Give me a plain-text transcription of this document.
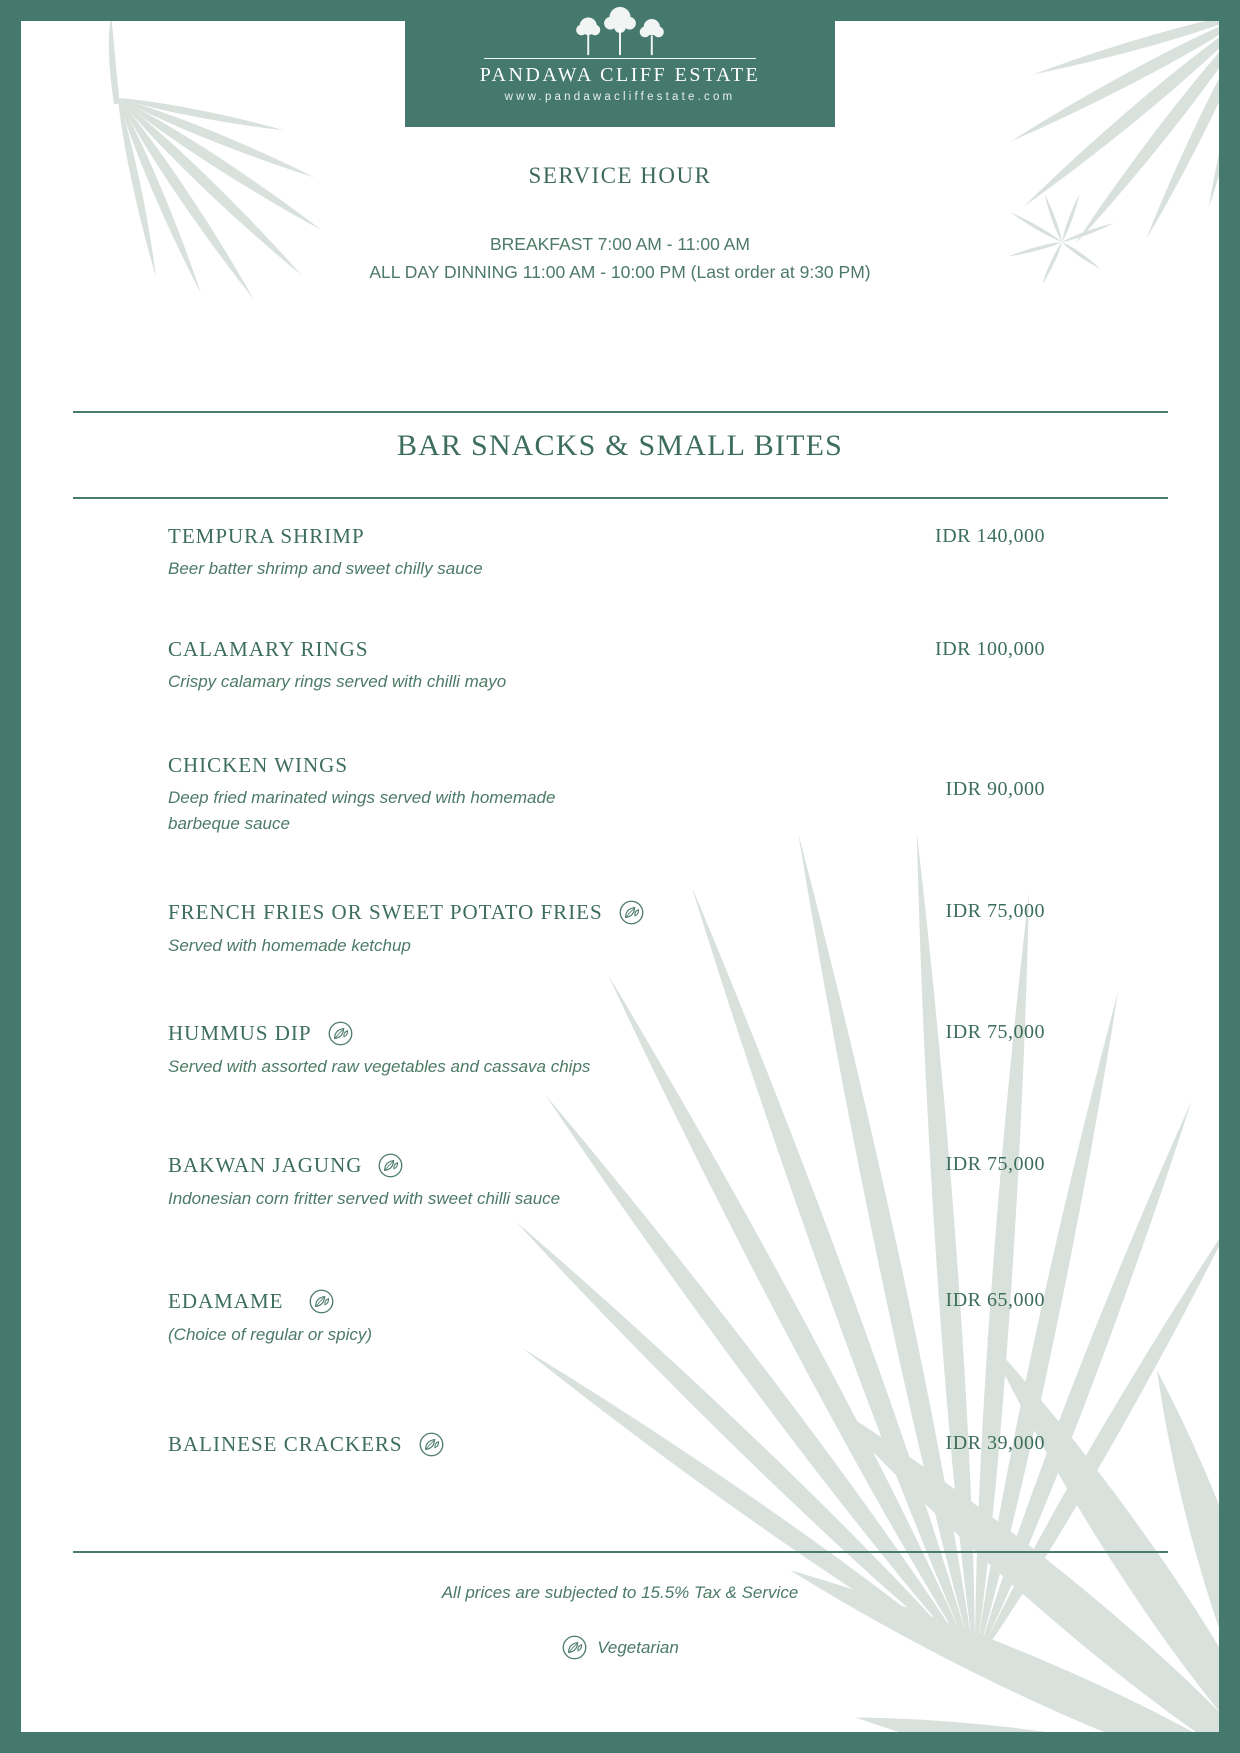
PANDAWA CLIFF ESTATE
www.pandawacliffestate.com
SERVICE HOUR
BREAKFAST 7:00 AM - 11:00 AM
ALL DAY DINNING 11:00 AM - 10:00 PM (Last order at 9:30 PM)
BAR SNACKS & SMALL BITES
TEMPURA SHRIMP
Beer batter shrimp and sweet chilly sauce
IDR 140,000
CALAMARY RINGS
Crispy calamary rings served with chilli mayo
IDR 100,000
CHICKEN WINGS
Deep fried marinated wings served with homemade barbeque sauce
IDR 90,000
FRENCH FRIES OR SWEET POTATO FRIES
Served with homemade ketchup
IDR 75,000
HUMMUS DIP
Served with assorted raw vegetables and cassava chips
IDR 75,000
BAKWAN JAGUNG
Indonesian corn fritter served with sweet chilli sauce
IDR 75,000
EDAMAME
(Choice of regular or spicy)
IDR 65,000
BALINESE CRACKERS	IDR 39,000
All prices are subjected to 15.5% Tax & Service
Vegetarian
